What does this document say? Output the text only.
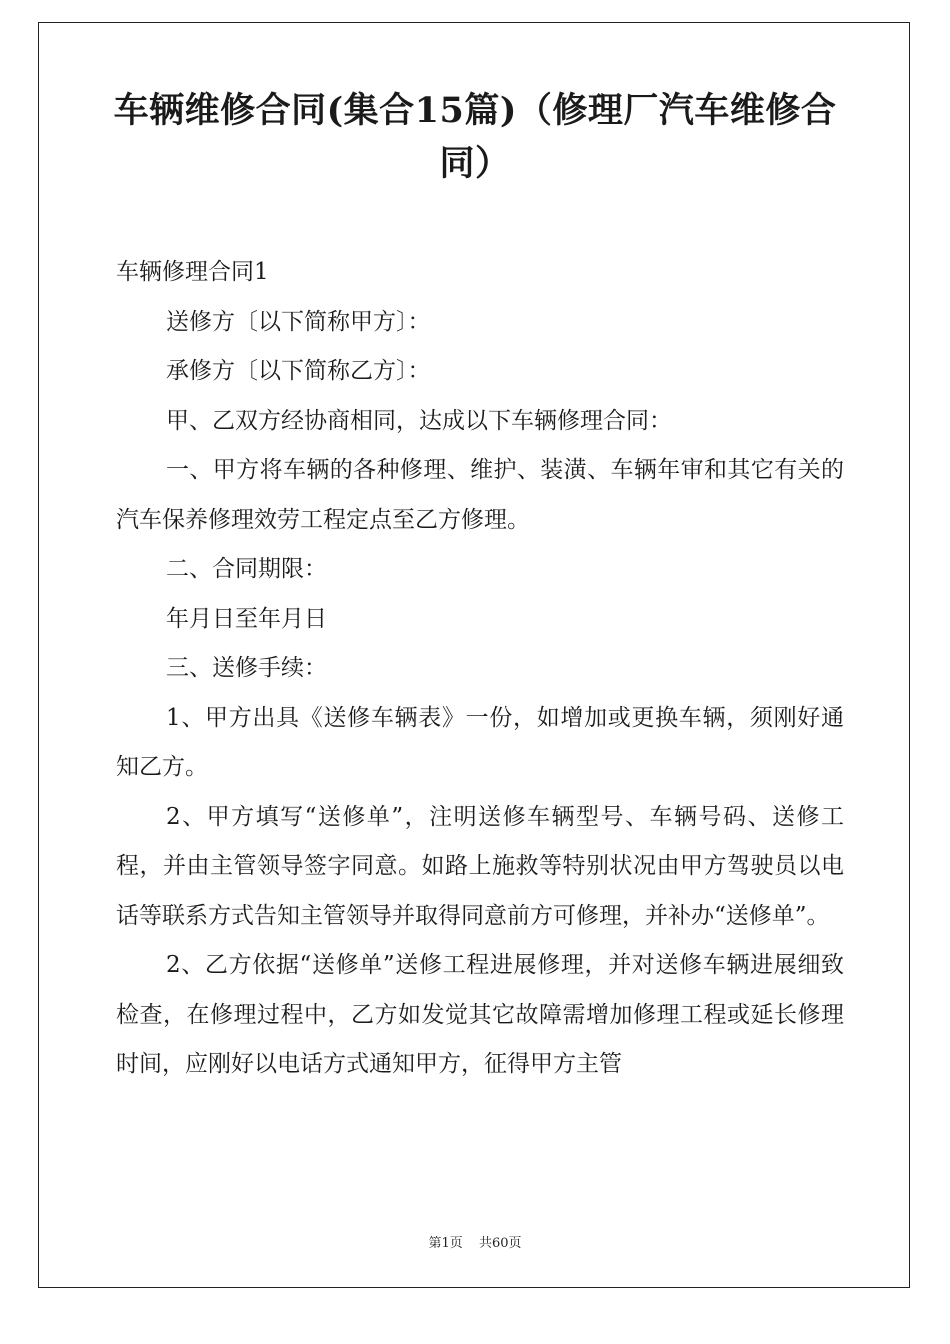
车辆维修合同(集合15篇)（修理厂汽车维修合同）

车辆修理合同1

送修方〔以下简称甲方〕：

承修方〔以下简称乙方〕：

甲、乙双方经协商相同，达成以下车辆修理合同：

一、甲方将车辆的各种修理、维护、装潢、车辆年审和其它有关的汽车保养修理效劳工程定点至乙方修理。

二、合同期限：

年月日至年月日

三、送修手续：

1、甲方出具《送修车辆表》一份，如增加或更换车辆，须刚好通知乙方。

2、甲方填写“送修单”，注明送修车辆型号、车辆号码、送修工程，并由主管领导签字同意。如路上施救等特别状况由甲方驾驶员以电话等联系方式告知主管领导并取得同意前方可修理，并补办“送修单”。

2、乙方依据“送修单”送修工程进展修理，并对送修车辆进展细致检查，在修理过程中，乙方如发觉其它故障需增加修理工程或延长修理时间，应刚好以电话方式通知甲方，征得甲方主管

第1页 共60页
